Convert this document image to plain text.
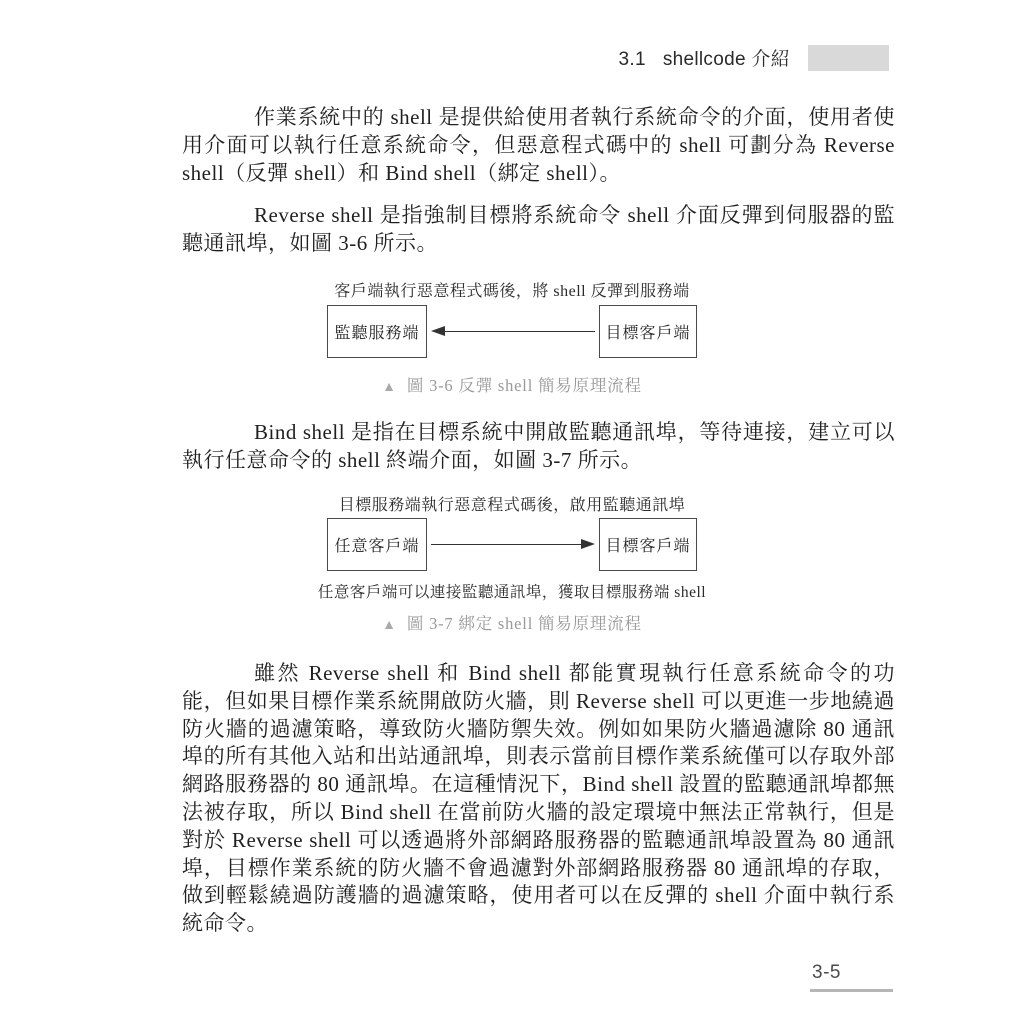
3.1 shellcode 介紹

作業系統中的 shell 是提供給使用者執行系統命令的介面，使用者使用介面可以執行任意系統命令，但惡意程式碼中的 shell 可劃分為 Reverse shell（反彈 shell）和 Bind shell（綁定 shell）。

Reverse shell 是指強制目標將系統命令 shell 介面反彈到伺服器的監聽通訊埠，如圖 3-6 所示。

客戶端執行惡意程式碼後，將 shell 反彈到服務端
監聽服務端	目標客戶端
▲ 圖 3-6 反彈 shell 簡易原理流程

Bind shell 是指在目標系統中開啟監聽通訊埠，等待連接，建立可以執行任意命令的 shell 終端介面，如圖 3-7 所示。

目標服務端執行惡意程式碼後，啟用監聽通訊埠
任意客戶端	目標客戶端
任意客戶端可以連接監聽通訊埠，獲取目標服務端 shell
▲ 圖 3-7 綁定 shell 簡易原理流程

雖然 Reverse shell 和 Bind shell 都能實現執行任意系統命令的功能，但如果目標作業系統開啟防火牆，則 Reverse shell 可以更進一步地繞過防火牆的過濾策略，導致防火牆防禦失效。例如如果防火牆過濾除 80 通訊埠的所有其他入站和出站通訊埠，則表示當前目標作業系統僅可以存取外部網路服務器的 80 通訊埠。在這種情況下，Bind shell 設置的監聽通訊埠都無法被存取，所以 Bind shell 在當前防火牆的設定環境中無法正常執行，但是對於 Reverse shell 可以透過將外部網路服務器的監聽通訊埠設置為 80 通訊埠，目標作業系統的防火牆不會過濾對外部網路服務器 80 通訊埠的存取，做到輕鬆繞過防護牆的過濾策略，使用者可以在反彈的 shell 介面中執行系統命令。

3-5
